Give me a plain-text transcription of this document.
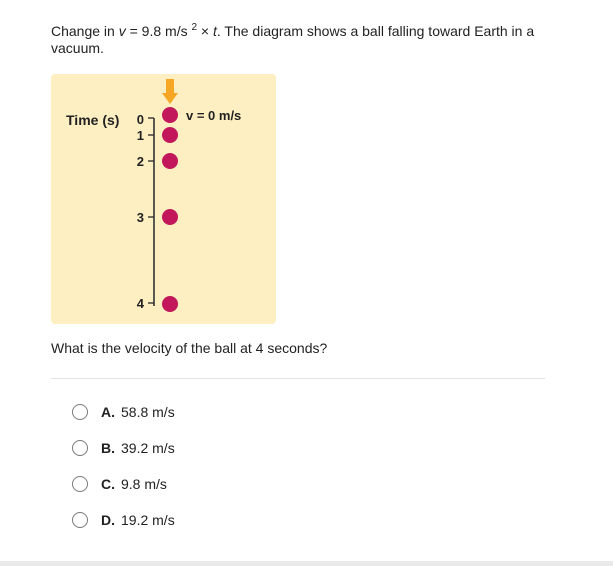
Change in v = 9.8 m/s $^2$ × t. The diagram shows a ball falling toward Earth in a vacuum.
Time (s)	v = 0 m/s
0
1
2
3
4
What is the velocity of the ball at 4 seconds?
A. 58.8 m/s
B. 39.2 m/s
C. 9.8 m/s
D. 19.2 m/s
